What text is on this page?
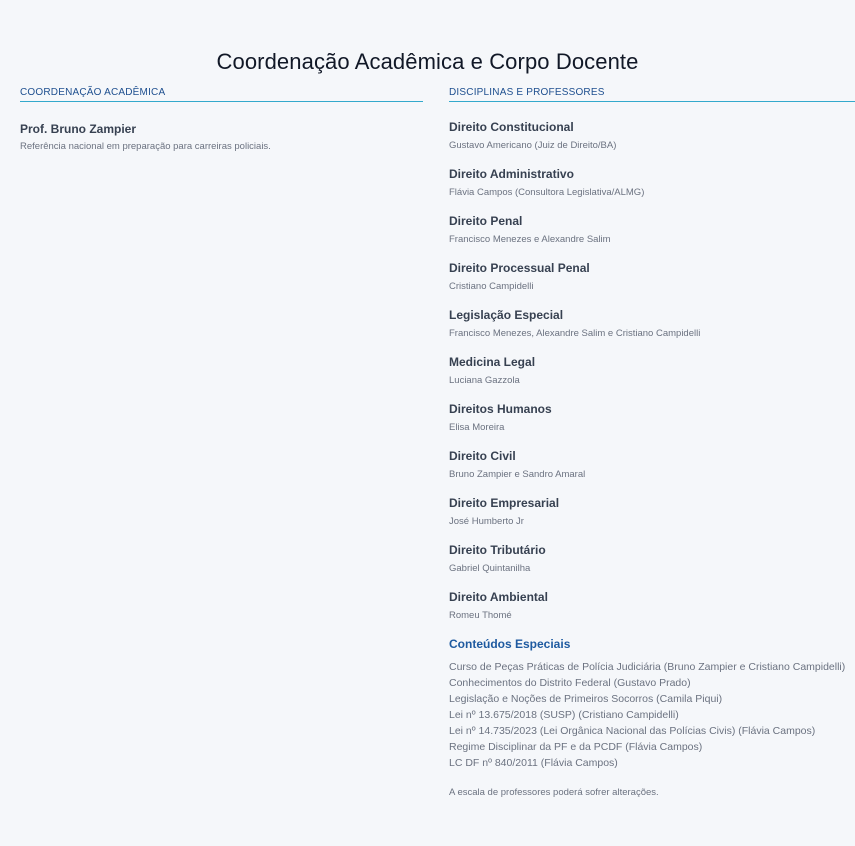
Coordenação Acadêmica e Corpo Docente
COORDENAÇÃO ACADÊMICA
Prof. Bruno Zampier
Referência nacional em preparação para carreiras policiais.
DISCIPLINAS E PROFESSORES
Direito Constitucional
Gustavo Americano (Juiz de Direito/BA)
Direito Administrativo
Flávia Campos (Consultora Legislativa/ALMG)
Direito Penal
Francisco Menezes e Alexandre Salim
Direito Processual Penal
Cristiano Campidelli
Legislação Especial
Francisco Menezes, Alexandre Salim e Cristiano Campidelli
Medicina Legal
Luciana Gazzola
Direitos Humanos
Elisa Moreira
Direito Civil
Bruno Zampier e Sandro Amaral
Direito Empresarial
José Humberto Jr
Direito Tributário
Gabriel Quintanilha
Direito Ambiental
Romeu Thomé
Conteúdos Especiais
Curso de Peças Práticas de Polícia Judiciária (Bruno Zampier e Cristiano Campidelli)
Conhecimentos do Distrito Federal (Gustavo Prado)
Legislação e Noções de Primeiros Socorros (Camila Piqui)
Lei nº 13.675/2018 (SUSP) (Cristiano Campidelli)
Lei nº 14.735/2023 (Lei Orgânica Nacional das Polícias Civis) (Flávia Campos)
Regime Disciplinar da PF e da PCDF (Flávia Campos)
LC DF nº 840/2011 (Flávia Campos)
A escala de professores poderá sofrer alterações.
